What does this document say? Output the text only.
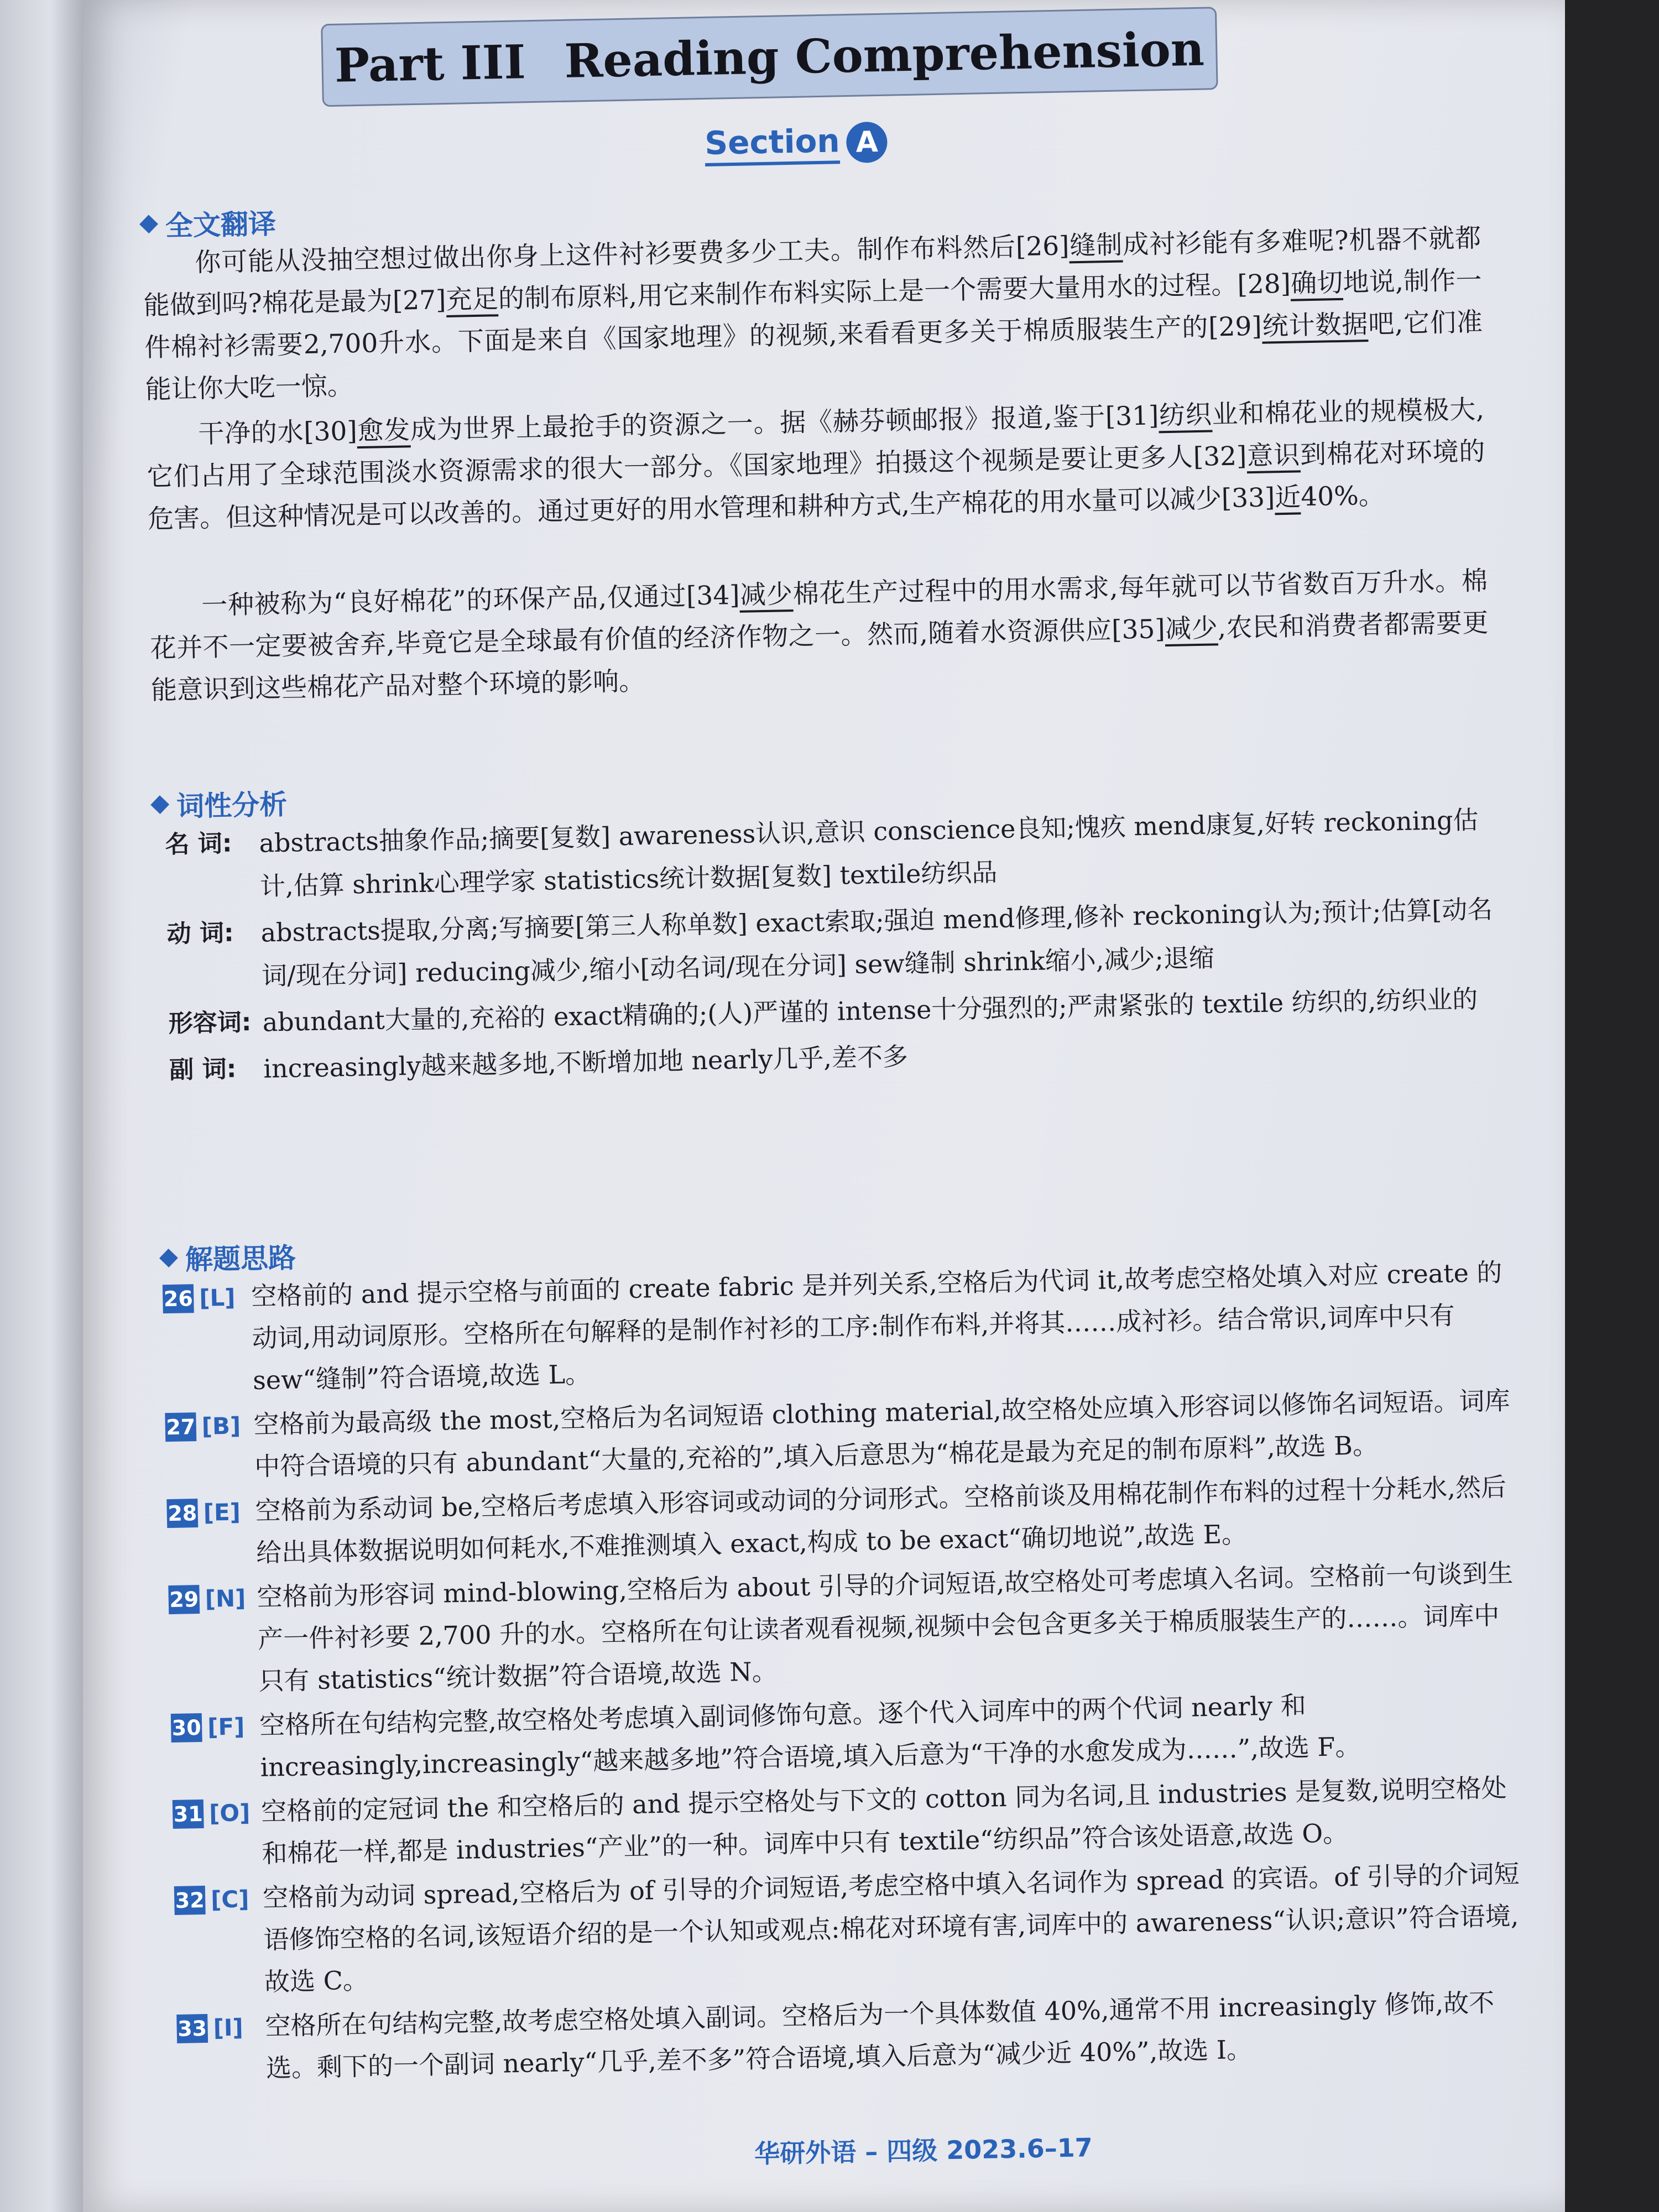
Part III Reading Comprehension
Section A
全文翻译
你可能从没抽空想过做出你身上这件衬衫要费多少工夫。制作布料然后[26]缝制成衬衫能有多难呢?机器不就都能做到吗?棉花是最为[27]充足的制布原料,用它来制作布料实际上是一个需要大量用水的过程。[28]确切地说,制作一件棉衬衫需要2,700升水。下面是来自《国家地理》的视频,来看看更多关于棉质服装生产的[29]统计数据吧,它们准能让你大吃一惊。
干净的水[30]愈发成为世界上最抢手的资源之一。据《赫芬顿邮报》报道,鉴于[31]纺织业和棉花业的规模极大,它们占用了全球范围淡水资源需求的很大一部分。《国家地理》拍摄这个视频是要让更多人[32]意识到棉花对环境的危害。但这种情况是可以改善的。通过更好的用水管理和耕种方式,生产棉花的用水量可以减少[33]近40%。
一种被称为“良好棉花”的环保产品,仅通过[34]减少棉花生产过程中的用水需求,每年就可以节省数百万升水。棉花并不一定要被舍弃,毕竟它是全球最有价值的经济作物之一。然而,随着水资源供应[35]减少,农民和消费者都需要更能意识到这些棉花产品对整个环境的影响。
词性分析
名 词:	abstracts抽象作品;摘要[复数] awareness认识,意识 conscience良知;愧疚 mend康复,好转 reckoning估计,估算 shrink心理学家 statistics统计数据[复数] textile纺织品
动 词:	abstracts提取,分离;写摘要[第三人称单数] exact索取;强迫 mend修理,修补 reckoning认为;预计;估算[动名词/现在分词] reducing减少,缩小[动名词/现在分词] sew缝制 shrink缩小,减少;退缩
形容词: abundant大量的,充裕的 exact精确的;(人)严谨的 intense十分强烈的;严肃紧张的 textile 纺织的,纺织业的
副 词:	increasingly越来越多地,不断增加地 nearly几乎,差不多
解题思路
26 [L] 空格前的 and 提示空格与前面的 create fabric 是并列关系,空格后为代词 it,故考虑空格处填入对应 create 的动词,用动词原形。空格所在句解释的是制作衬衫的工序:制作布料,并将其……成衬衫。结合常识,词库中只有 sew“缝制”符合语境,故选 L。
27 [B] 空格前为最高级 the most,空格后为名词短语 clothing material,故空格处应填入形容词以修饰名词短语。词库中符合语境的只有 abundant“大量的,充裕的”,填入后意思为“棉花是最为充足的制布原料”,故选 B。
28 [E] 空格前为系动词 be,空格后考虑填入形容词或动词的分词形式。空格前谈及用棉花制作布料的过程十分耗水,然后给出具体数据说明如何耗水,不难推测填入 exact,构成 to be exact“确切地说”,故选 E。
29 [N] 空格前为形容词 mind-blowing,空格后为 about 引导的介词短语,故空格处可考虑填入名词。空格前一句谈到生产一件衬衫要 2,700 升的水。空格所在句让读者观看视频,视频中会包含更多关于棉质服装生产的……。词库中只有 statistics“统计数据”符合语境,故选 N。
30 [F] 空格所在句结构完整,故空格处考虑填入副词修饰句意。逐个代入词库中的两个代词 nearly 和 increasingly,increasingly“越来越多地”符合语境,填入后意为“干净的水愈发成为……”,故选 F。
31 [O] 空格前的定冠词 the 和空格后的 and 提示空格处与下文的 cotton 同为名词,且 industries 是复数,说明空格处和棉花一样,都是 industries“产业”的一种。词库中只有 textile“纺织品”符合该处语意,故选 O。
32 [C] 空格前为动词 spread,空格后为 of 引导的介词短语,考虑空格中填入名词作为 spread 的宾语。of 引导的介词短语修饰空格的名词,该短语介绍的是一个认知或观点:棉花对环境有害,词库中的 awareness“认识;意识”符合语境,故选 C。
33 [I] 空格所在句结构完整,故考虑空格处填入副词。空格后为一个具体数值 40%,通常不用 increasingly 修饰,故不选。剩下的一个副词 nearly“几乎,差不多”符合语境,填入后意为“减少近 40%”,故选 I。
华研外语 – 四级 2023.6–17
